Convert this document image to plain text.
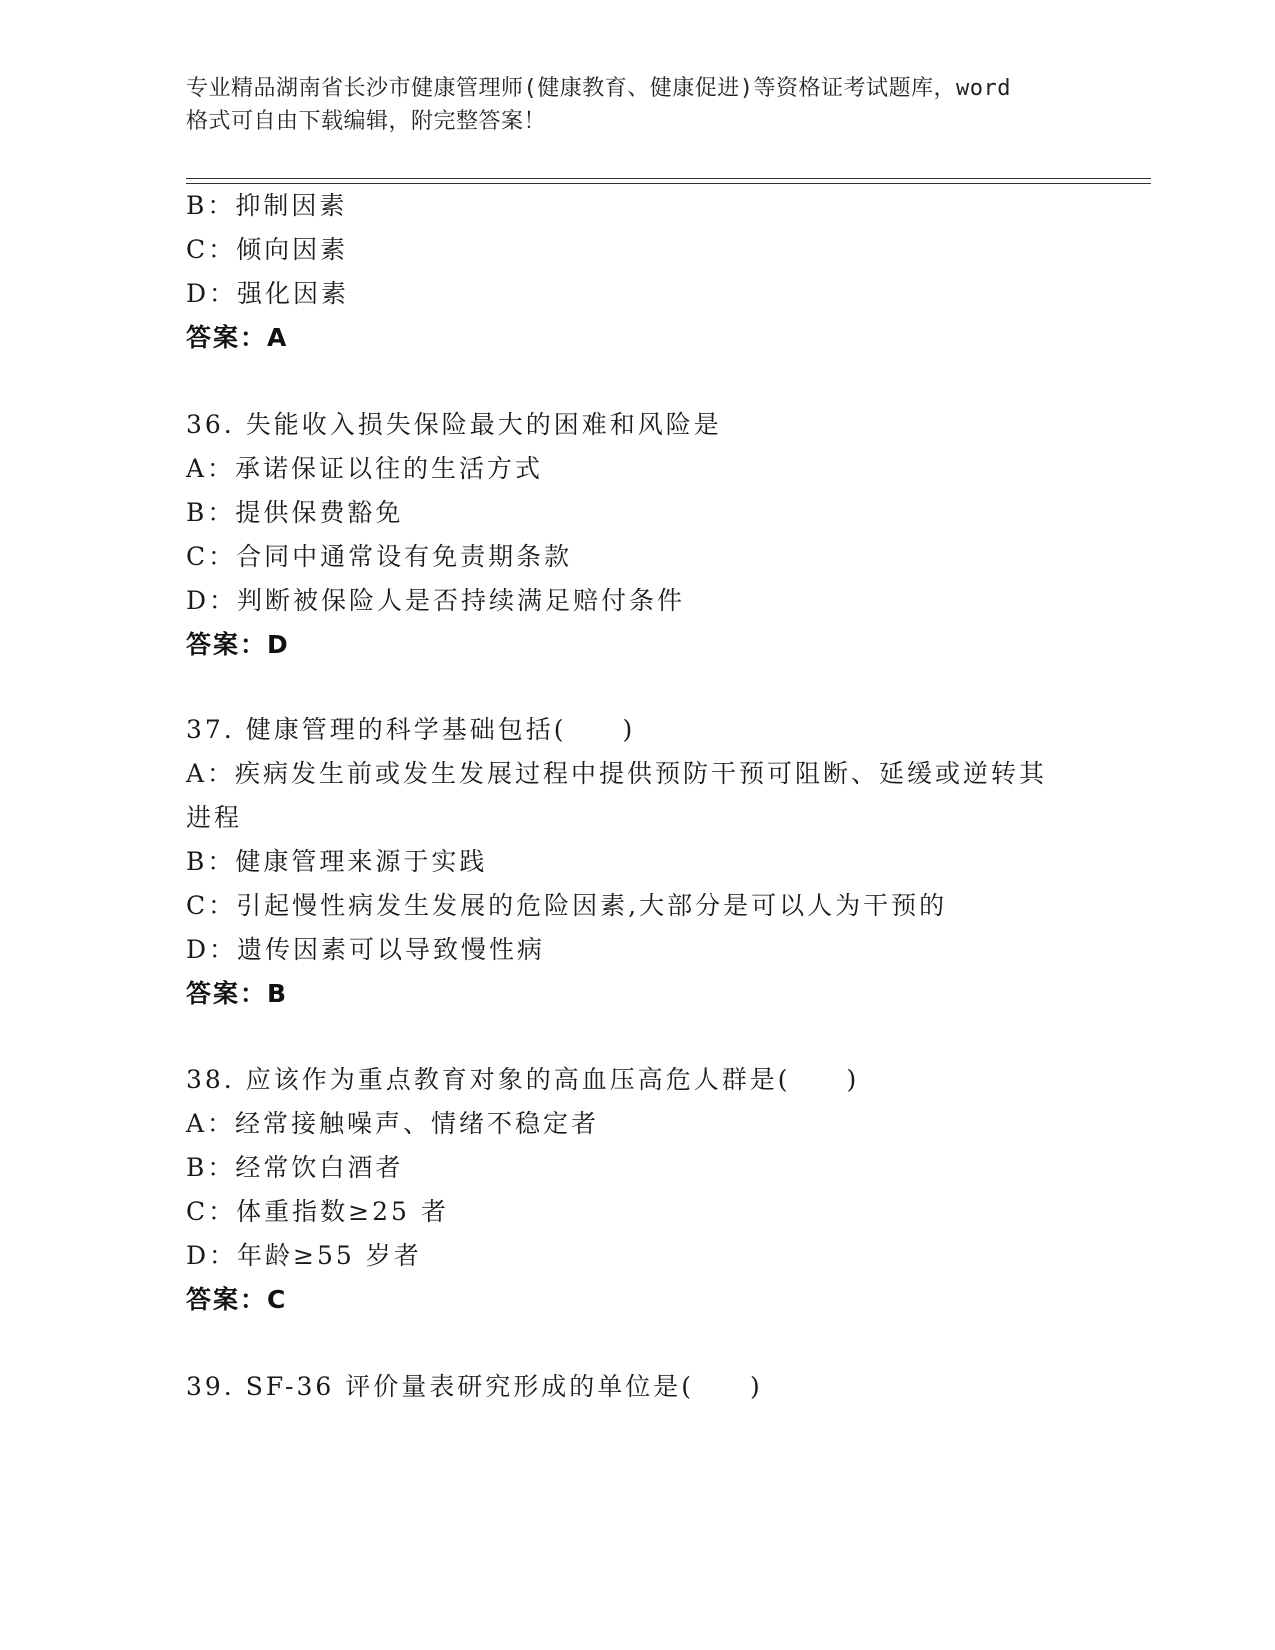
专业精品湖南省长沙市健康管理师(健康教育、健康促进)等资格证考试题库，word
格式可自由下载编辑，附完整答案！
B：抑制因素
C：倾向因素
D：强化因素
答案：A
36. 失能收入损失保险最大的困难和风险是
A：承诺保证以往的生活方式
B：提供保费豁免
C：合同中通常设有免责期条款
D：判断被保险人是否持续满足赔付条件
答案：D
37. 健康管理的科学基础包括(　　)
A：疾病发生前或发生发展过程中提供预防干预可阻断、延缓或逆转其
进程
B：健康管理来源于实践
C：引起慢性病发生发展的危险因素,大部分是可以人为干预的
D：遗传因素可以导致慢性病
答案：B
38. 应该作为重点教育对象的高血压高危人群是(　　)
A：经常接触噪声、情绪不稳定者
B：经常饮白酒者
C：体重指数≥25 者
D：年龄≥55 岁者
答案：C
39. SF-36 评价量表研究形成的单位是(　　)
